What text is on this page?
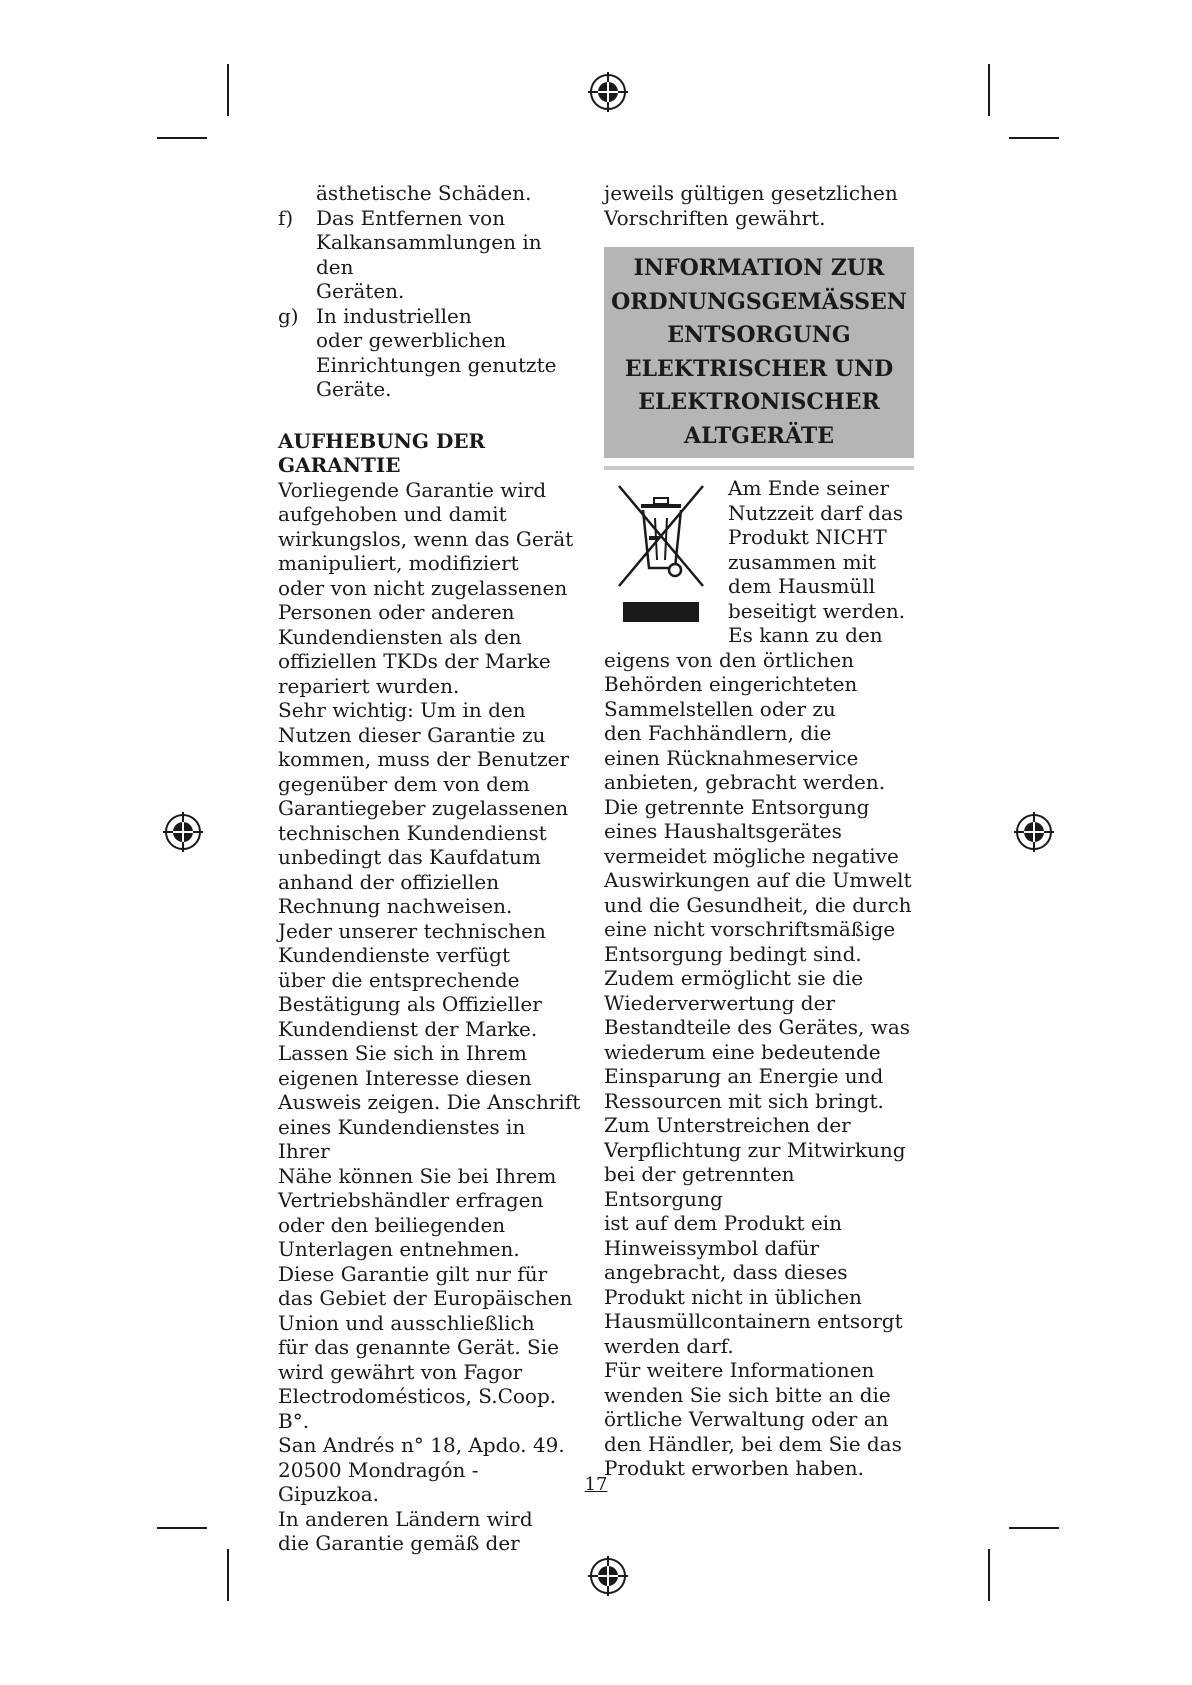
ästhetische Schäden.

f) Das Entfernen von
Kalkansammlungen in den
Geräten.
g) In industriellen
oder gewerblichen
Einrichtungen genutzte
Geräte.
AUFHEBUNG DER
GARANTIE
Vorliegende Garantie wird
aufgehoben und damit
wirkungslos, wenn das Gerät
manipuliert, modifiziert
oder von nicht zugelassenen
Personen oder anderen
Kundendiensten als den
offiziellen TKDs der Marke
repariert wurden.
Sehr wichtig: Um in den
Nutzen dieser Garantie zu
kommen, muss der Benutzer
gegenüber dem von dem
Garantiegeber zugelassenen
technischen Kundendienst
unbedingt das Kaufdatum
anhand der offiziellen
Rechnung nachweisen.
Jeder unserer technischen
Kundendienste verfügt
über die entsprechende
Bestätigung als Offizieller
Kundendienst der Marke.
Lassen Sie sich in Ihrem
eigenen Interesse diesen
Ausweis zeigen. Die Anschrift
eines Kundendienstes in Ihrer
Nähe können Sie bei Ihrem
Vertriebshändler erfragen
oder den beiliegenden
Unterlagen entnehmen.
Diese Garantie gilt nur für
das Gebiet der Europäischen
Union und ausschließlich
für das genannte Gerät. Sie
wird gewährt von Fagor
Electrodomésticos, S.Coop. B°.
San Andrés n° 18, Apdo. 49.
20500 Mondragón - Gipuzkoa.
In anderen Ländern wird
die Garantie gemäß der
jeweils gültigen gesetzlichen
Vorschriften gewährt.
INFORMATION ZUR
ORDNUNGSGEMÄSSEN
ENTSORGUNG
ELEKTRISCHER UND
ELEKTRONISCHER
ALTGERÄTE
Am Ende seiner
Nutzzeit darf das
Produkt NICHT
zusammen mit
dem Hausmüll
beseitigt werden.
Es kann zu den
eigens von den örtlichen
Behörden eingerichteten
Sammelstellen oder zu
den Fachhändlern, die
einen Rücknahmeservice
anbieten, gebracht werden.
Die getrennte Entsorgung
eines Haushaltsgerätes
vermeidet mögliche negative
Auswirkungen auf die Umwelt
und die Gesundheit, die durch
eine nicht vorschriftsmäßige
Entsorgung bedingt sind.
Zudem ermöglicht sie die
Wiederverwertung der
Bestandteile des Gerätes, was
wiederum eine bedeutende
Einsparung an Energie und
Ressourcen mit sich bringt.
Zum Unterstreichen der
Verpflichtung zur Mitwirkung
bei der getrennten Entsorgung
ist auf dem Produkt ein
Hinweissymbol dafür
angebracht, dass dieses
Produkt nicht in üblichen
Hausmüllcontainern entsorgt
werden darf.
Für weitere Informationen
wenden Sie sich bitte an die
örtliche Verwaltung oder an
den Händler, bei dem Sie das
Produkt erworben haben.
17
